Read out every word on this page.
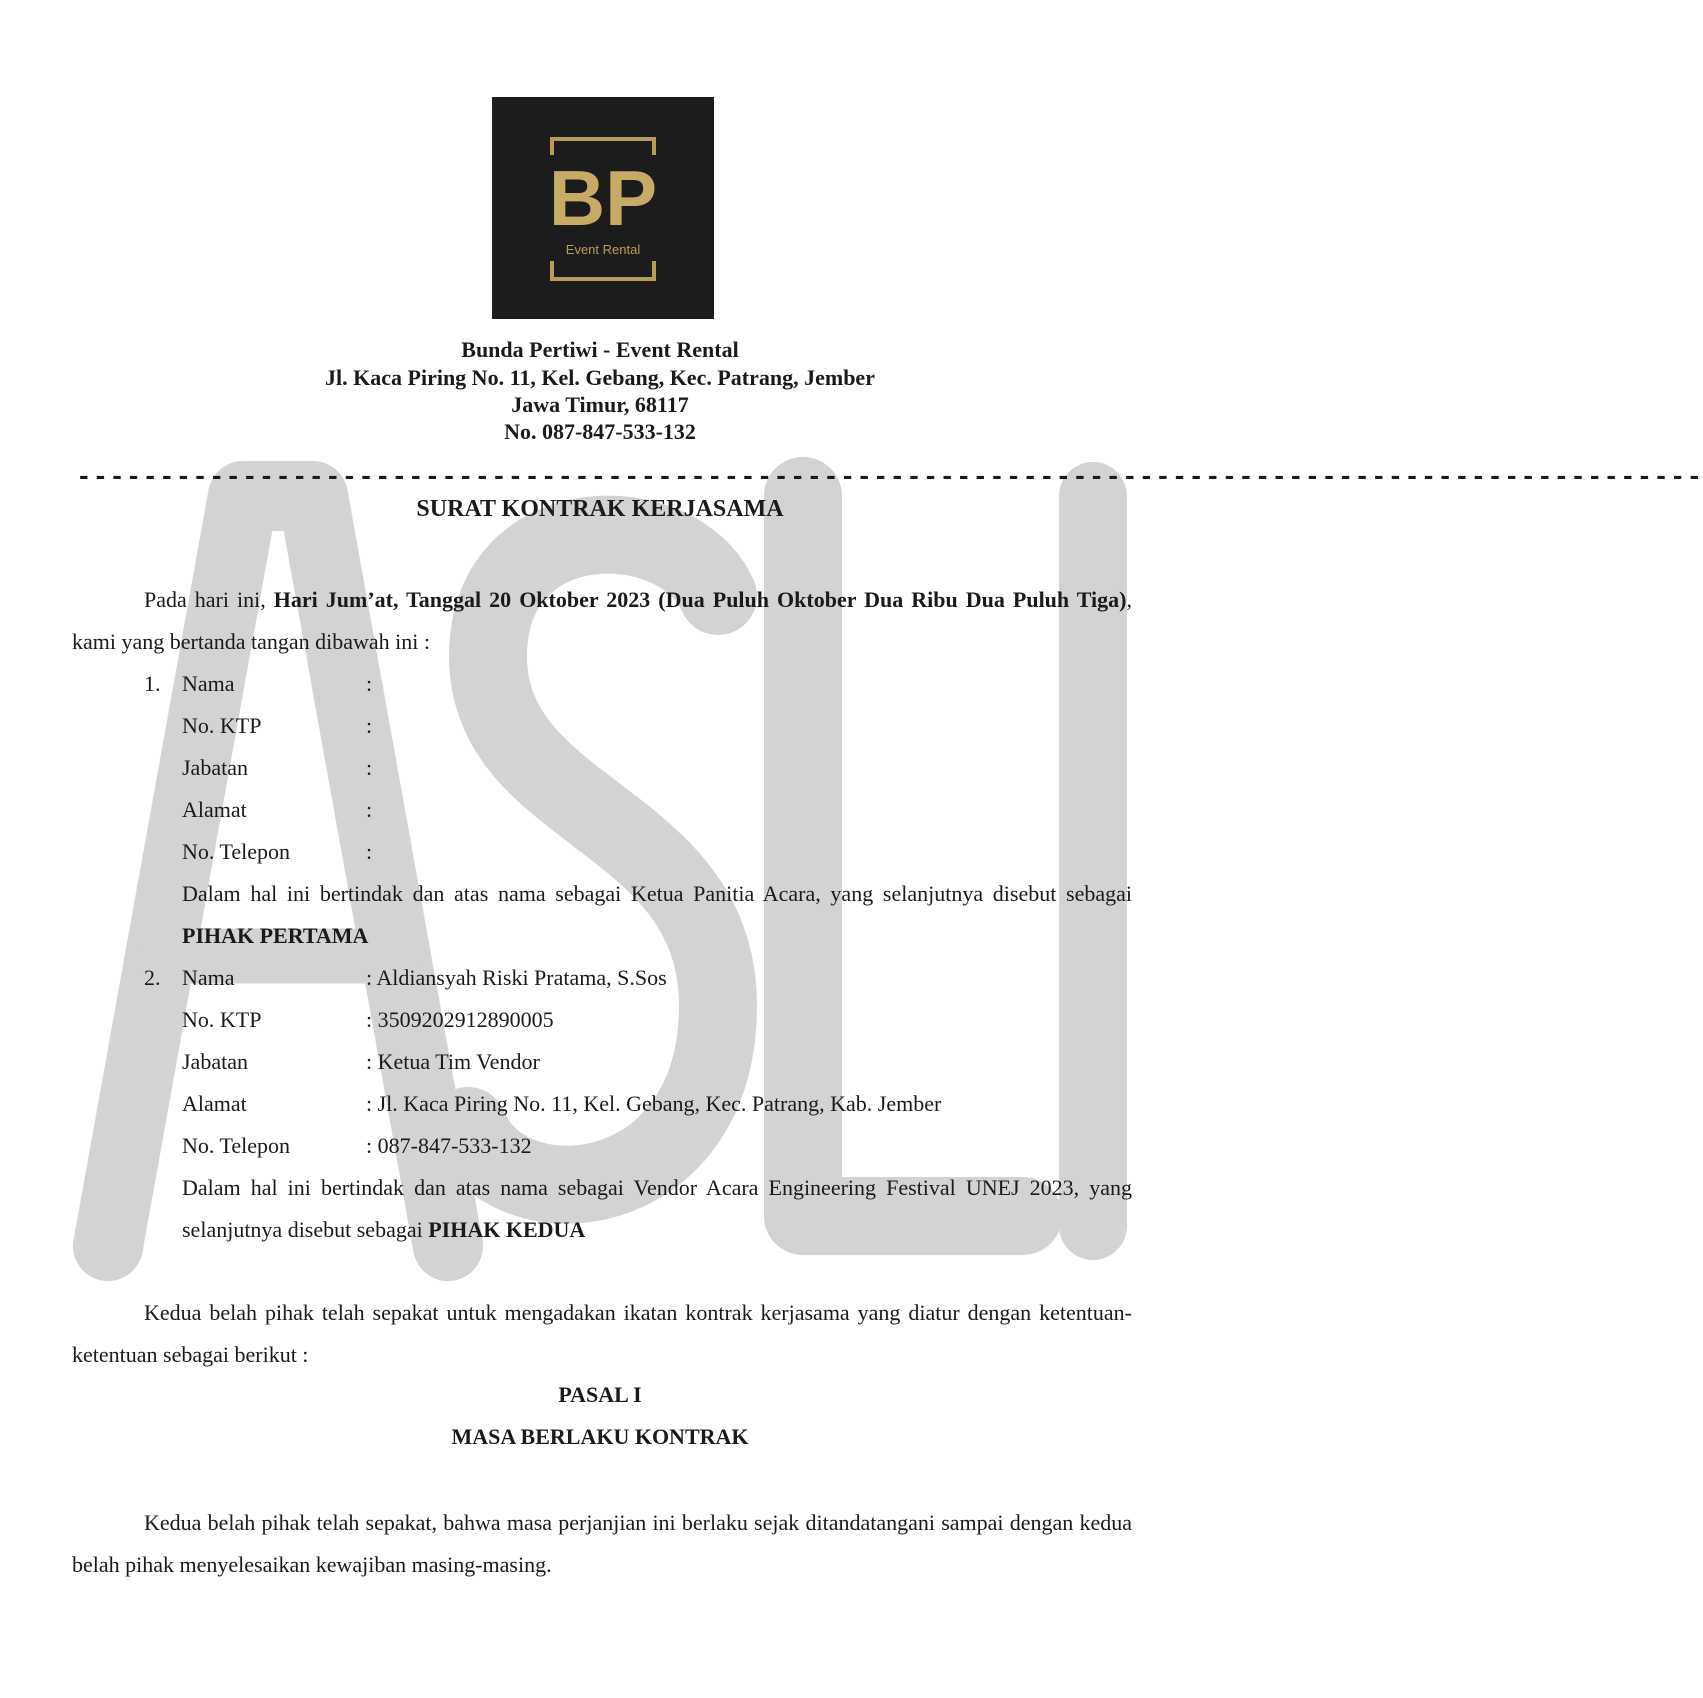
BP
Event Rental
Bunda Pertiwi - Event Rental
Jl. Kaca Piring No. 11, Kel. Gebang, Kec. Patrang, Jember
Jawa Timur, 68117
No. 087-847-533-132
--------------------------------------------------------------------------------------------------
SURAT KONTRAK KERJASAMA
Pada hari ini, Hari Jum’at, Tanggal 20 Oktober 2023 (Dua Puluh Oktober Dua Ribu Dua Puluh Tiga), kami yang bertanda tangan dibawah ini :
1. Nama	:
No. KTP	:
Jabatan	:
Alamat	:
No. Telepon	:
Dalam hal ini bertindak dan atas nama sebagai Ketua Panitia Acara, yang selanjutnya disebut sebagai PIHAK PERTAMA
2. Nama	: Aldiansyah Riski Pratama, S.Sos
No. KTP	: 3509202912890005
Jabatan	: Ketua Tim Vendor
Alamat	: Jl. Kaca Piring No. 11, Kel. Gebang, Kec. Patrang, Kab. Jember
No. Telepon	: 087-847-533-132
Dalam hal ini bertindak dan atas nama sebagai Vendor Acara Engineering Festival UNEJ 2023, yang selanjutnya disebut sebagai PIHAK KEDUA
Kedua belah pihak telah sepakat untuk mengadakan ikatan kontrak kerjasama yang diatur dengan ketentuan-ketentuan sebagai berikut :
PASAL I
MASA BERLAKU KONTRAK
Kedua belah pihak telah sepakat, bahwa masa perjanjian ini berlaku sejak ditandatangani sampai dengan kedua belah pihak menyelesaikan kewajiban masing-masing.
